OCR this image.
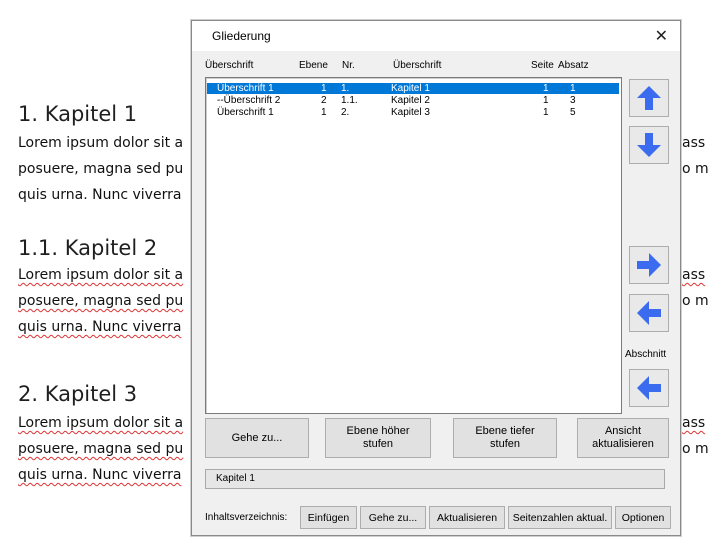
1. Kapitel 1
Lorem ipsum dolor sit a
posuere, magna sed pu
quis urna. Nunc viverra
1.1. Kapitel 2
Lorem ipsum dolor sit a
posuere, magna sed pu
quis urna. Nunc viverra
2. Kapitel 3
Lorem ipsum dolor sit a
posuere, magna sed pu
quis urna. Nunc viverra
ass
o m
ass
o m
ass
o m
Gliederung	✕
Überschrift	Ebene Nr.	Überschrift	Seite Absatz
Überschrift 1	1 1.	Kapitel 1	1 1
--Überschrift 2	2 1.1.	Kapitel 2	1 3
Überschrift 1	1 2.	Kapitel 3	1 5
Abschnitt
Gehe zu...
Ebene höher
stufen
Ebene tiefer
stufen
Ansicht
aktualisieren
Kapitel 1
Inhaltsverzeichnis:	Einfügen	Gehe zu...	Aktualisieren	Seitenzahlen aktual.	Optionen
